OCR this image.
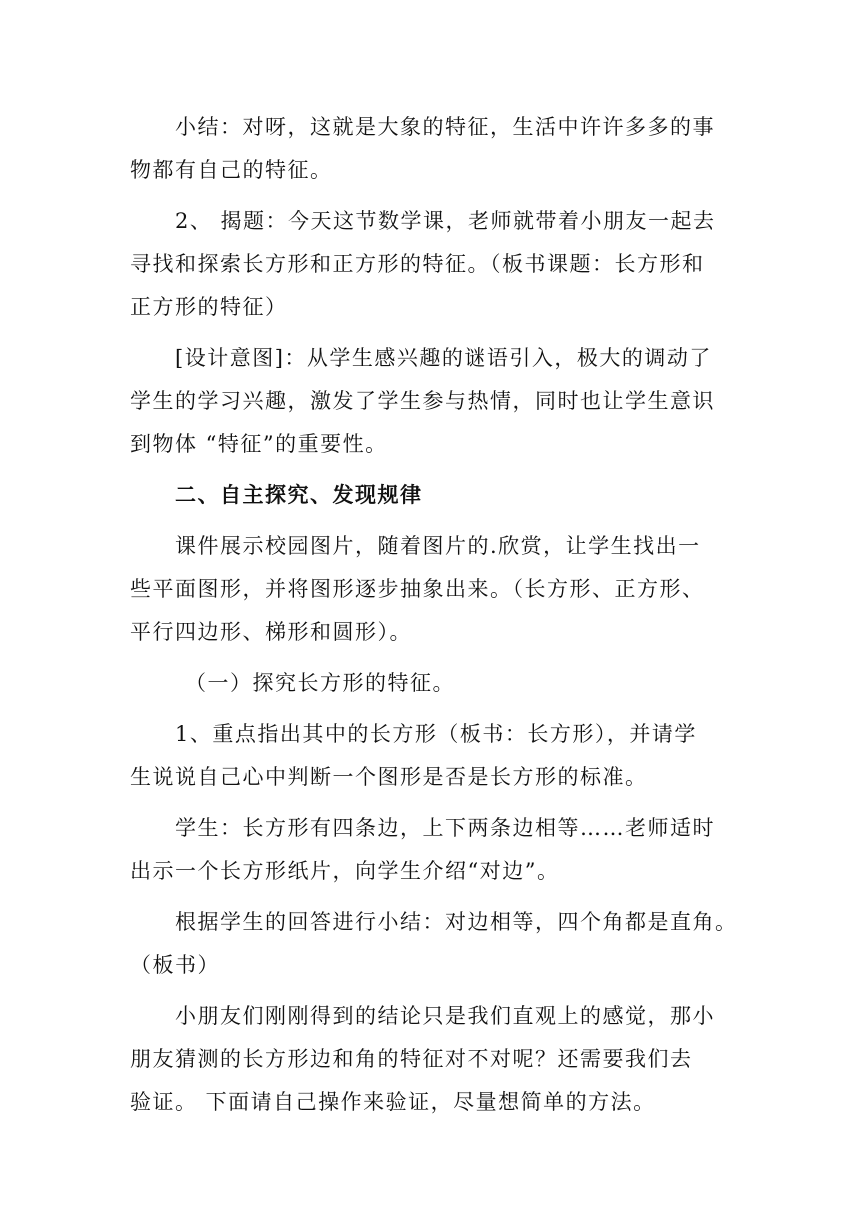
小结：对呀，这就是大象的特征，生活中许许多多的事
物都有自己的特征。
2、 揭题：今天这节数学课，老师就带着小朋友一起去
寻找和探索长方形和正方形的特征。（板书课题：长方形和
正方形的特征）
[设计意图]：从学生感兴趣的谜语引入，极大的调动了
学生的学习兴趣，激发了学生参与热情，同时也让学生意识
到物体 “特征”的重要性。
二、自主探究、发现规律
课件展示校园图片，随着图片的.欣赏，让学生找出一
些平面图形，并将图形逐步抽象出来。（长方形、正方形、
平行四边形、梯形和圆形）。
（一）探究长方形的特征。
1、重点指出其中的长方形（板书：长方形），并请学
生说说自己心中判断一个图形是否是长方形的标准。
学生：长方形有四条边，上下两条边相等……老师适时
出示一个长方形纸片，向学生介绍“对边”。
根据学生的回答进行小结：对边相等，四个角都是直角。
（板书）
小朋友们刚刚得到的结论只是我们直观上的感觉，那小
朋友猜测的长方形边和角的特征对不对呢？还需要我们去
验证。 下面请自己操作来验证，尽量想简单的方法。
